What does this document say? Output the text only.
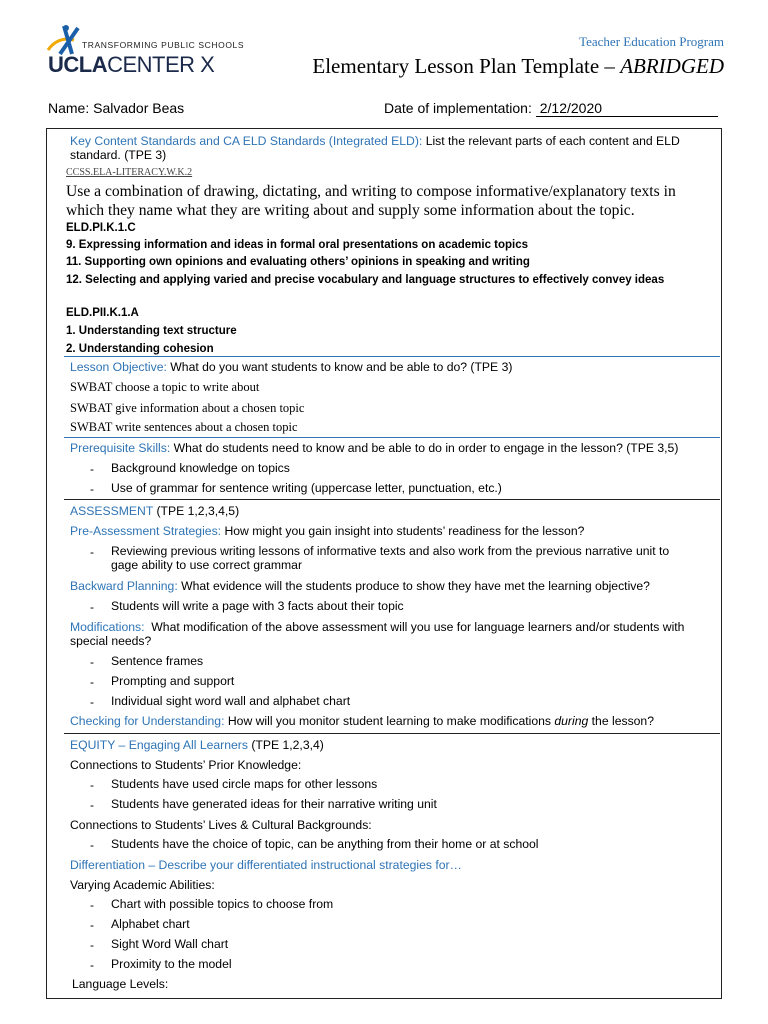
TRANSFORMING PUBLIC SCHOOLS
UCLACENTER X
Teacher Education Program
Elementary Lesson Plan Template – ABRIDGED
Name: Salvador Beas	Date of implementation: 2/12/2020
Key Content Standards and CA ELD Standards (Integrated ELD): List the relevant parts of each content and ELD
standard. (TPE 3)
CCSS.ELA-LITERACY.W.K.2
Use a combination of drawing, dictating, and writing to compose informative/explanatory texts in
which they name what they are writing about and supply some information about the topic.
ELD.PI.K.1.C
9. Expressing information and ideas in formal oral presentations on academic topics
11. Supporting own opinions and evaluating others’ opinions in speaking and writing
12. Selecting and applying varied and precise vocabulary and language structures to effectively convey ideas
ELD.PII.K.1.A
1. Understanding text structure
2. Understanding cohesion
Lesson Objective: What do you want students to know and be able to do? (TPE 3)
SWBAT choose a topic to write about
SWBAT give information about a chosen topic
SWBAT write sentences about a chosen topic
Prerequisite Skills: What do students need to know and be able to do in order to engage in the lesson? (TPE 3,5)
- Background knowledge on topics
- Use of grammar for sentence writing (uppercase letter, punctuation, etc.)
ASSESSMENT (TPE 1,2,3,4,5)
Pre-Assessment Strategies: How might you gain insight into students’ readiness for the lesson?
- Reviewing previous writing lessons of informative texts and also work from the previous narrative unit to
gage ability to use correct grammar
Backward Planning: What evidence will the students produce to show they have met the learning objective?
- Students will write a page with 3 facts about their topic
Modifications: What modification of the above assessment will you use for language learners and/or students with
special needs?
- Sentence frames
- Prompting and support
- Individual sight word wall and alphabet chart
Checking for Understanding: How will you monitor student learning to make modifications during the lesson?
EQUITY – Engaging All Learners (TPE 1,2,3,4)
Connections to Students’ Prior Knowledge:
- Students have used circle maps for other lessons
- Students have generated ideas for their narrative writing unit
Connections to Students’ Lives & Cultural Backgrounds:
- Students have the choice of topic, can be anything from their home or at school
Differentiation – Describe your differentiated instructional strategies for…
Varying Academic Abilities:
- Chart with possible topics to choose from
- Alphabet chart
- Sight Word Wall chart
- Proximity to the model
Language Levels:
